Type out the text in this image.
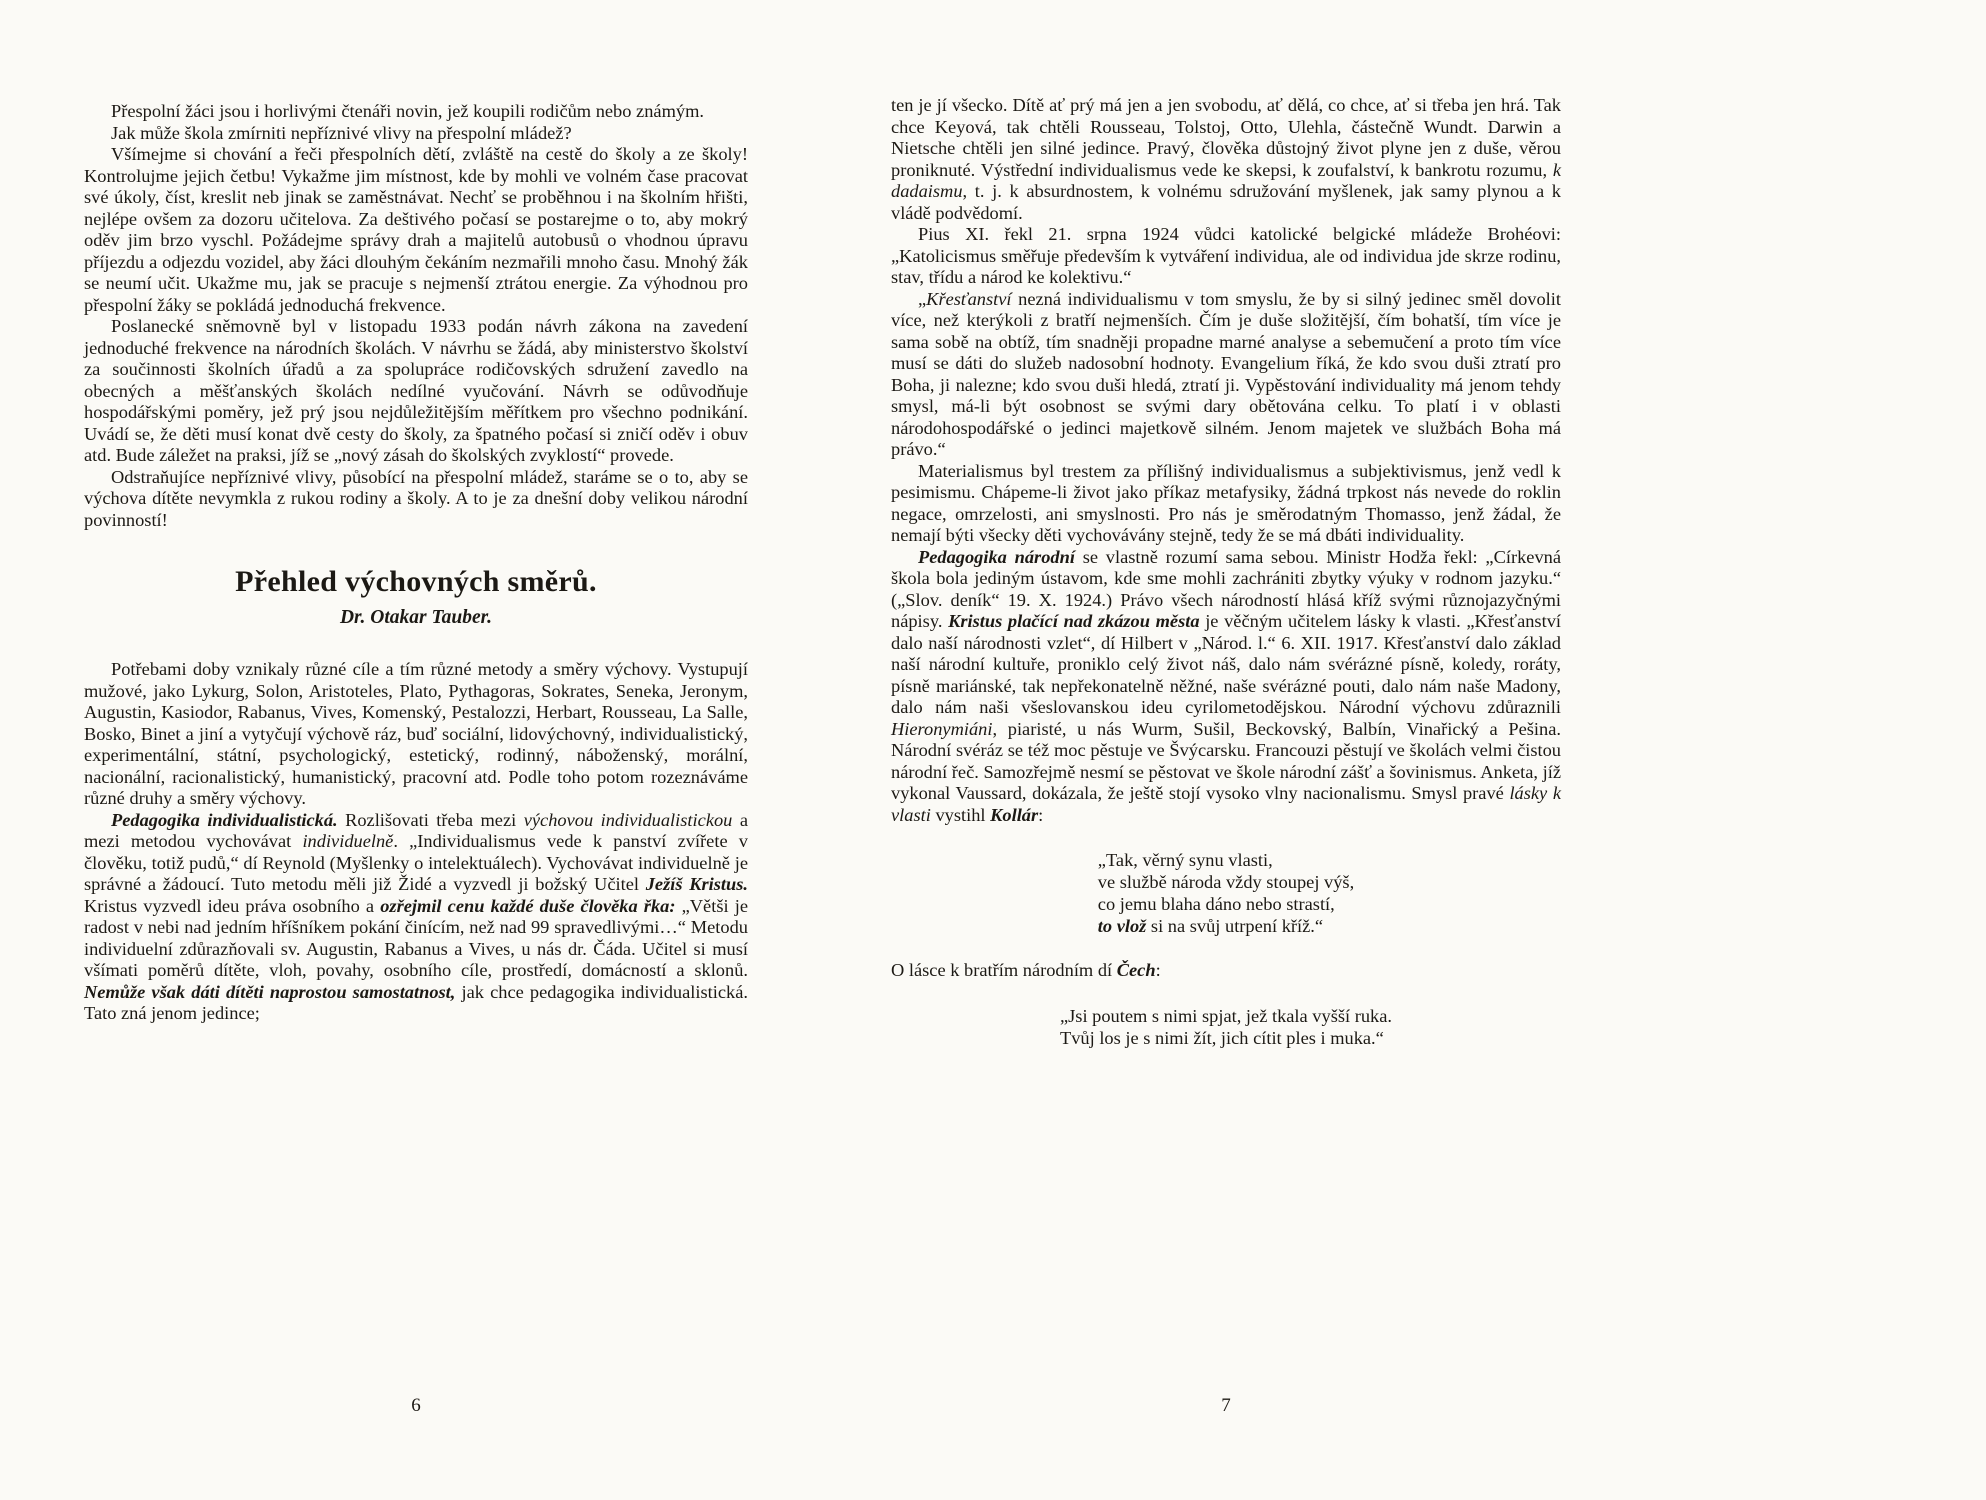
Přespolní žáci jsou i horlivými čtenáři novin, jež koupili rodičům nebo známým.

Jak může škola zmírniti nepříznivé vlivy na přespolní mládež?

Všímejme si chování a řeči přespolních dětí, zvláště na cestě do školy a ze školy! Kontrolujme jejich četbu! Vykažme jim místnost, kde by mohli ve volném čase pracovat své úkoly, číst, kreslit neb jinak se zaměstnávat. Nechť se proběhnou i na školním hřišti, nejlépe ovšem za dozoru učitelova. Za deštivého počasí se postarejme o to, aby mokrý oděv jim brzo vyschl. Požádejme správy drah a majitelů autobusů o vhodnou úpravu příjezdu a odjezdu vozidel, aby žáci dlouhým čekáním nezmařili mnoho času. Mnohý žák se neumí učit. Ukažme mu, jak se pracuje s nejmenší ztrátou energie. Za výhodnou pro přespolní žáky se pokládá jednoduchá frekvence.

Poslanecké sněmovně byl v listopadu 1933 podán návrh zákona na zavedení jednoduché frekvence na národních školách. V návrhu se žádá, aby ministerstvo školství za součinnosti školních úřadů a za spolupráce rodičovských sdružení zavedlo na obecných a měšťanských školách nedílné vyučování. Návrh se odůvodňuje hospodářskými poměry, jež prý jsou nejdůležitějším měřítkem pro všechno podnikání. Uvádí se, že děti musí konat dvě cesty do školy, za špatného počasí si zničí oděv i obuv atd. Bude záležet na praksi, jíž se „nový zásah do školských zvyklostí“ provede.

Odstraňujíce nepříznivé vlivy, působící na přespolní mládež, staráme se o to, aby se výchova dítěte nevymkla z rukou rodiny a školy. A to je za dnešní doby velikou národní povinností!

Přehled výchovných směrů.
Dr. Otakar Tauber.

Potřebami doby vznikaly různé cíle a tím různé metody a směry výchovy. Vystupují mužové, jako Lykurg, Solon, Aristoteles, Plato, Pythagoras, Sokrates, Seneka, Jeronym, Augustin, Kasiodor, Rabanus, Vives, Komenský, Pestalozzi, Herbart, Rousseau, La Salle, Bosko, Binet a jiní a vytyčují výchově ráz, buď sociální, lidovýchovný, individualistický, experimentální, státní, psychologický, estetický, rodinný, náboženský, morální, nacionální, racionalistický, humanistický, pracovní atd. Podle toho potom rozeznáváme různé druhy a směry výchovy.

Pedagogika individualistická. Rozlišovati třeba mezi výchovou individualistickou a mezi metodou vychovávat individuelně. „Individualismus vede k panství zvířete v člověku, totiž pudů,“ dí Reynold (Myšlenky o intelektuálech). Vychovávat individuelně je správné a žádoucí. Tuto metodu měli již Židé a vyzvedl ji božský Učitel Ježíš Kristus. Kristus vyzvedl ideu práva osobního a ozřejmil cenu každé duše člověka řka: „Větši je radost v nebi nad jedním hříšníkem pokání činícím, než nad 99 spravedlivými…“ Metodu individuelní zdůrazňovali sv. Augustin, Rabanus a Vives, u nás dr. Čáda. Učitel si musí všímati poměrů dítěte, vloh, povahy, osobního cíle, prostředí, domácností a sklonů. Nemůže však dáti dítěti naprostou samostatnost, jak chce pedagogika individualistická. Tato zná jenom jedince;

ten je jí všecko. Dítě ať prý má jen a jen svobodu, ať dělá, co chce, ať si třeba jen hrá. Tak chce Keyová, tak chtěli Rousseau, Tolstoj, Otto, Ulehla, částečně Wundt. Darwin a Nietsche chtěli jen silné jedince. Pravý, člověka důstojný život plyne jen z duše, věrou proniknuté. Výstřední individualismus vede ke skepsi, k zoufalství, k bankrotu rozumu, k dadaismu, t. j. k absurdnostem, k volnému sdružování myšlenek, jak samy plynou a k vládě podvědomí.

Pius XI. řekl 21. srpna 1924 vůdci katolické belgické mládeže Brohéovi: „Katolicismus směřuje především k vytváření individua, ale od individua jde skrze rodinu, stav, třídu a národ ke kolektivu.“

„Křesťanství nezná individualismu v tom smyslu, že by si silný jedinec směl dovolit více, než kterýkoli z bratří nejmenších. Čím je duše složitější, čím bohatší, tím více je sama sobě na obtíž, tím snadněji propadne marné analyse a sebemučení a proto tím více musí se dáti do služeb nadosobní hodnoty. Evangelium říká, že kdo svou duši ztratí pro Boha, ji nalezne; kdo svou duši hledá, ztratí ji. Vypěstování individuality má jenom tehdy smysl, má-li být osobnost se svými dary obětována celku. To platí i v oblasti národohospodářské o jedinci majetkově silném. Jenom majetek ve službách Boha má právo.“

Materialismus byl trestem za přílišný individualismus a subjektivismus, jenž vedl k pesimismu. Chápeme-li život jako příkaz metafysiky, žádná trpkost nás nevede do roklin negace, omrzelosti, ani smyslnosti. Pro nás je směrodatným Thomasso, jenž žádal, že nemají býti všecky děti vychovávány stejně, tedy že se má dbáti individuality.

Pedagogika národní se vlastně rozumí sama sebou. Ministr Hodža řekl: „Církevná škola bola jediným ústavom, kde sme mohli zachrániti zbytky výuky v rodnom jazyku.“ („Slov. deník“ 19. X. 1924.) Právo všech národností hlásá kříž svými různojazyčnými nápisy. Kristus plačící nad zkázou města je věčným učitelem lásky k vlasti. „Křesťanství dalo naší národnosti vzlet“, dí Hilbert v „Národ. l.“ 6. XII. 1917. Křesťanství dalo základ naší národní kultuře, proniklo celý život náš, dalo nám svérázné písně, koledy, roráty, písně mariánské, tak nepřekonatelně něžné, naše svérázné pouti, dalo nám naše Madony, dalo nám naši všeslovanskou ideu cyrilometodějskou. Národní výchovu zdůraznili Hieronymiáni, piaristé, u nás Wurm, Sušil, Beckovský, Balbín, Vinařický a Pešina. Národní svéráz se též moc pěstuje ve Švýcarsku. Francouzi pěstují ve školách velmi čistou národní řeč. Samozřejmě nesmí se pěstovat ve škole národní zášť a šovinismus. Anketa, jíž vykonal Vaussard, dokázala, že ještě stojí vysoko vlny nacionalismu. Smysl pravé lásky k vlasti vystihl Kollár:

„Tak, věrný synu vlasti,
ve službě národa vždy stoupej výš,
co jemu blaha dáno nebo strastí,
to vlož si na svůj utrpení kříž.“

O lásce k bratřím národním dí Čech:

„Jsi poutem s nimi spjat, jež tkala vyšší ruka.
Tvůj los je s nimi žít, jich cítit ples i muka.“
6	7
